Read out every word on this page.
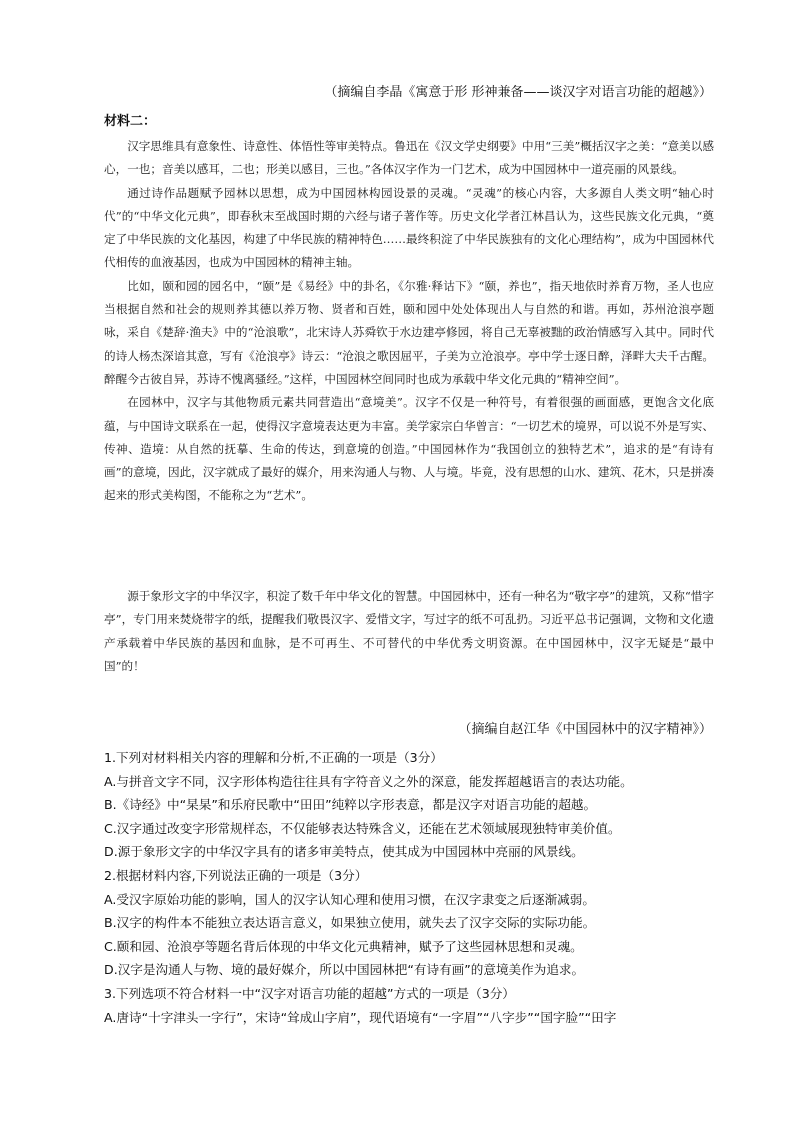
（摘编自李晶《寓意于形 形神兼备——谈汉字对语言功能的超越》）
材料二：

汉字思维具有意象性、诗意性、体悟性等审美特点。鲁迅在《汉文学史纲要》中用“三美”概括汉字之美：“意美以感心，一也；音美以感耳，二也；形美以感目，三也。”各体汉字作为一门艺术，成为中国园林中一道亮丽的风景线。

通过诗作品题赋予园林以思想，成为中国园林构园设景的灵魂。“灵魂”的核心内容，大多源自人类文明“轴心时代”的“中华文化元典”，即春秋末至战国时期的六经与诸子著作等。历史文化学者江林昌认为，这些民族文化元典，“奠定了中华民族的文化基因，构建了中华民族的精神特色……最终积淀了中华民族独有的文化心理结构”，成为中国园林代代相传的血液基因，也成为中国园林的精神主轴。

比如，颐和园的园名中，“颐”是《易经》中的卦名，《尔雅·释诂下》“颐，养也”，指天地依时养育万物，圣人也应当根据自然和社会的规则养其德以养万物、贤者和百姓，颐和园中处处体现出人与自然的和谐。再如，苏州沧浪亭题咏，采自《楚辞·渔夫》中的“沧浪歌”，北宋诗人苏舜钦于水边建亭修园，将自己无辜被黜的政治情感写入其中。同时代的诗人杨杰深谙其意，写有《沧浪亭》诗云：“沧浪之歌因屈平，子美为立沧浪亭。亭中学士逐日醉，泽畔大夫千古醒。醉醒今古彼自异，苏诗不愧离骚经。”这样，中国园林空间同时也成为承载中华文化元典的“精神空间”。

在园林中，汉字与其他物质元素共同营造出“意境美”。汉字不仅是一种符号，有着很强的画面感，更饱含文化底蕴，与中国诗文联系在一起，使得汉字意境表达更为丰富。美学家宗白华曾言：“一切艺术的境界，可以说不外是写实、传神、造境：从自然的抚摹、生命的传达，到意境的创造。”中国园林作为“我国创立的独特艺术”，追求的是“有诗有画”的意境，因此，汉字就成了最好的媒介，用来沟通人与物、人与境。毕竟，没有思想的山水、建筑、花木，只是拼凑起来的形式美构图，不能称之为“艺术”。

源于象形文字的中华汉字，积淀了数千年中华文化的智慧。中国园林中，还有一种名为“敬字亭”的建筑，又称“惜字亭”，专门用来焚烧带字的纸，提醒我们敬畏汉字、爱惜文字，写过字的纸不可乱扔。习近平总书记强调，文物和文化遗产承载着中华民族的基因和血脉，是不可再生、不可替代的中华优秀文明资源。在中国园林中，汉字无疑是“最中国”的！

（摘编自赵江华《中国园林中的汉字精神》）
1.下列对材料相关内容的理解和分析,不正确的一项是（3分）
A.与拼音文字不同，汉字形体构造往往具有字符音义之外的深意，能发挥超越语言的表达功能。
B.《诗经》中“杲杲”和乐府民歌中“田田”纯粹以字形表意，都是汉字对语言功能的超越。
C.汉字通过改变字形常规样态，不仅能够表达特殊含义，还能在艺术领域展现独特审美价值。
D.源于象形文字的中华汉字具有的诸多审美特点，使其成为中国园林中亮丽的风景线。
2.根据材料内容,下列说法正确的一项是（3分）
A.受汉字原始功能的影响，国人的汉字认知心理和使用习惯，在汉字隶变之后逐渐减弱。
B.汉字的构件本不能独立表达语言意义，如果独立使用，就失去了汉字交际的实际功能。
C.颐和园、沧浪亭等题名背后体现的中华文化元典精神，赋予了这些园林思想和灵魂。
D.汉字是沟通人与物、境的最好媒介，所以中国园林把“有诗有画”的意境美作为追求。
3.下列选项不符合材料一中“汉字对语言功能的超越”方式的一项是（3分）
A.唐诗“十字津头一字行”，宋诗“耸成山字肩”，现代语境有“一字眉”“八字步”“国字脸”“田字
